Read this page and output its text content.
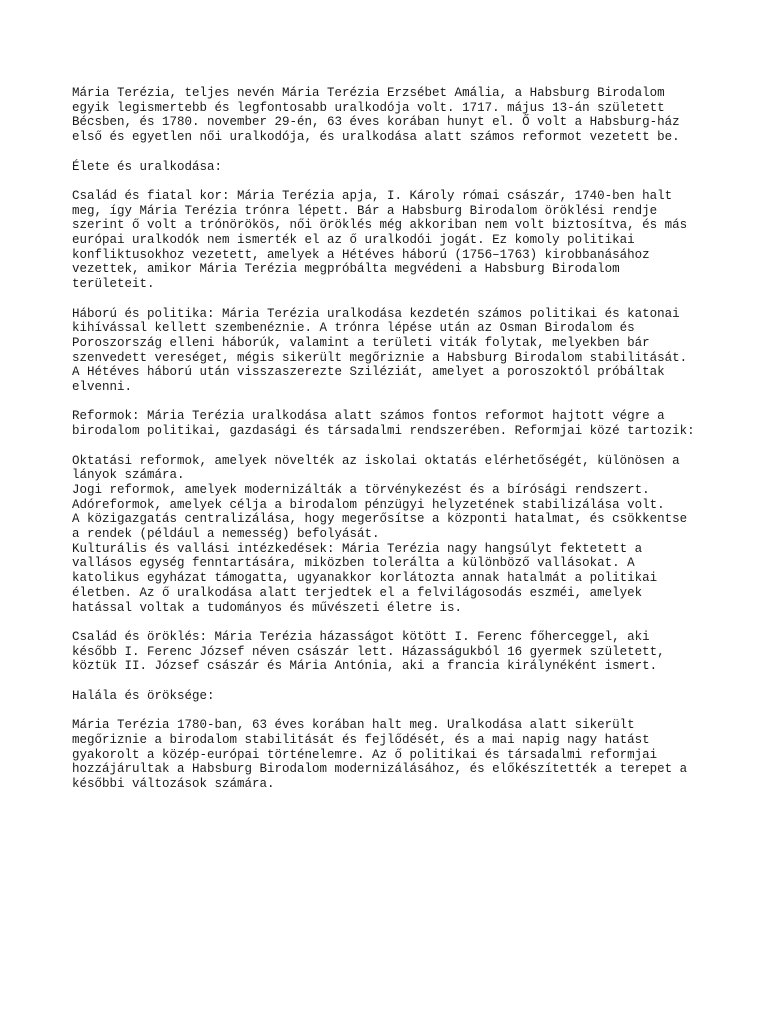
Mária Terézia, teljes nevén Mária Terézia Erzsébet Amália, a Habsburg Birodalom
egyik legismertebb és legfontosabb uralkodója volt. 1717. május 13-án született
Bécsben, és 1780. november 29-én, 63 éves korában hunyt el. Ő volt a Habsburg-ház
első és egyetlen női uralkodója, és uralkodása alatt számos reformot vezetett be.
Élete és uralkodása:
Család és fiatal kor: Mária Terézia apja, I. Károly római császár, 1740-ben halt
meg, így Mária Terézia trónra lépett. Bár a Habsburg Birodalom öröklési rendje
szerint ő volt a trónörökös, női öröklés még akkoriban nem volt biztosítva, és más
európai uralkodók nem ismerték el az ő uralkodói jogát. Ez komoly politikai
konfliktusokhoz vezetett, amelyek a Hétéves háború (1756–1763) kirobbanásához
vezettek, amikor Mária Terézia megpróbálta megvédeni a Habsburg Birodalom
területeit.
Háború és politika: Mária Terézia uralkodása kezdetén számos politikai és katonai
kihívással kellett szembenéznie. A trónra lépése után az Osman Birodalom és
Poroszország elleni háborúk, valamint a területi viták folytak, melyekben bár
szenvedett vereséget, mégis sikerült megőriznie a Habsburg Birodalom stabilitását.
A Hétéves háború után visszaszerezte Sziléziát, amelyet a poroszoktól próbáltak
elvenni.
Reformok: Mária Terézia uralkodása alatt számos fontos reformot hajtott végre a
birodalom politikai, gazdasági és társadalmi rendszerében. Reformjai közé tartozik:
Oktatási reformok, amelyek növelték az iskolai oktatás elérhetőségét, különösen a
lányok számára.
Jogi reformok, amelyek modernizálták a törvénykezést és a bírósági rendszert.
Adóreformok, amelyek célja a birodalom pénzügyi helyzetének stabilizálása volt.
A közigazgatás centralizálása, hogy megerősítse a központi hatalmat, és csökkentse
a rendek (például a nemesség) befolyását.
Kulturális és vallási intézkedések: Mária Terézia nagy hangsúlyt fektetett a
vallásos egység fenntartására, miközben tolerálta a különböző vallásokat. A
katolikus egyházat támogatta, ugyanakkor korlátozta annak hatalmát a politikai
életben. Az ő uralkodása alatt terjedtek el a felvilágosodás eszméi, amelyek
hatással voltak a tudományos és művészeti életre is.
Család és öröklés: Mária Terézia házasságot kötött I. Ferenc főherceggel, aki
később I. Ferenc József néven császár lett. Házasságukból 16 gyermek született,
köztük II. József császár és Mária Antónia, aki a francia királynéként ismert.
Halála és öröksége:
Mária Terézia 1780-ban, 63 éves korában halt meg. Uralkodása alatt sikerült
megőriznie a birodalom stabilitását és fejlődését, és a mai napig nagy hatást
gyakorolt a közép-európai történelemre. Az ő politikai és társadalmi reformjai
hozzájárultak a Habsburg Birodalom modernizálásához, és előkészítették a terepet a
későbbi változások számára.
